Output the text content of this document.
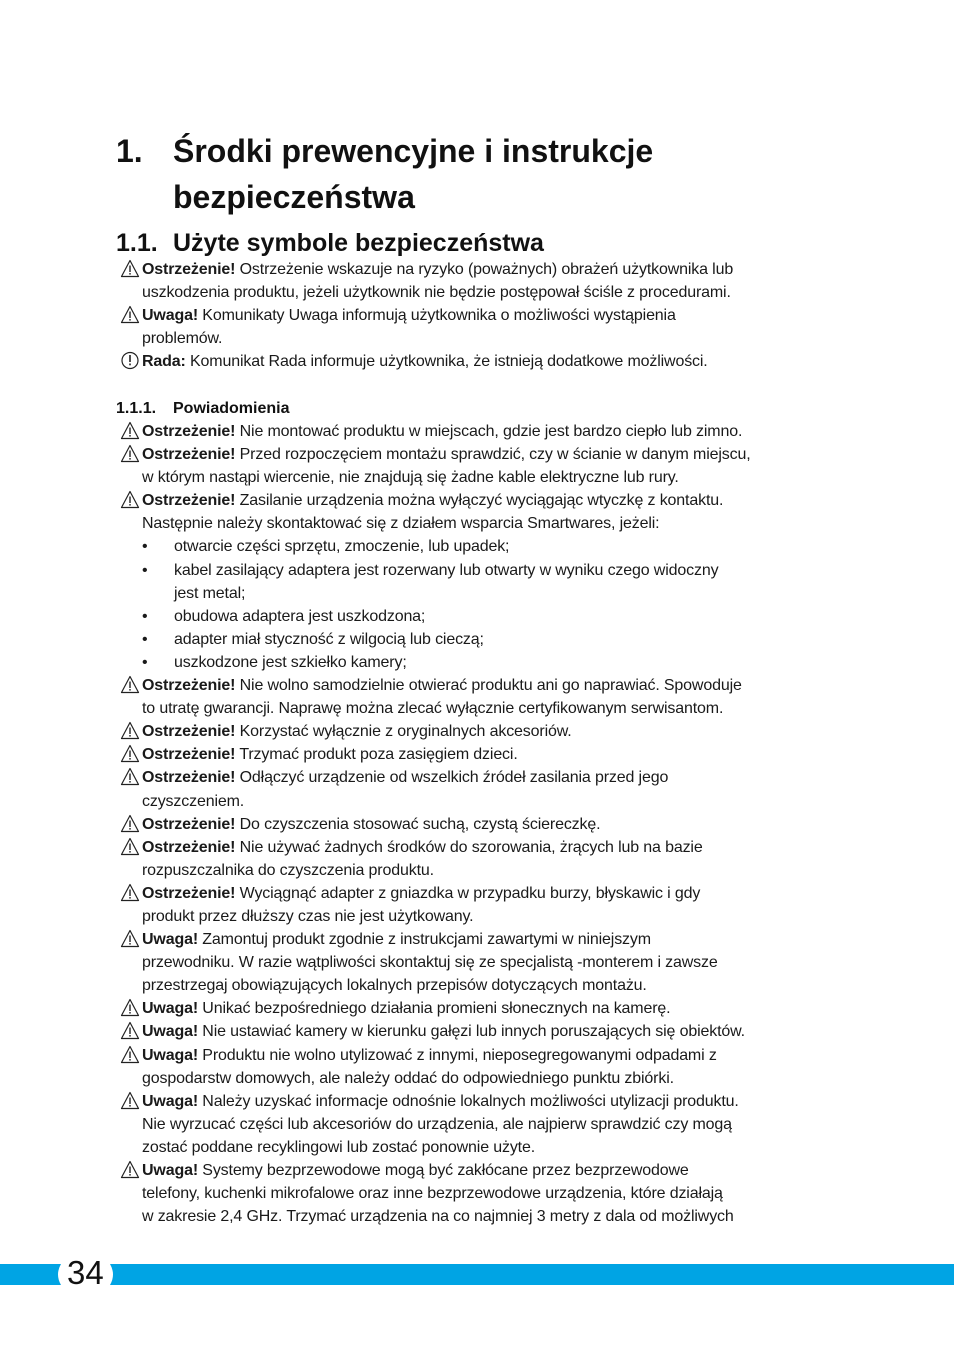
1. Środki prewencyjne i instrukcje bezpieczeństwa
1.1. Użyte symbole bezpieczeństwa
Ostrzeżenie! Ostrzeżenie wskazuje na ryzyko (poważnych) obrażeń użytkownika lub
uszkodzenia produktu, jeżeli użytkownik nie będzie postępował ściśle z procedurami.
Uwaga! Komunikaty Uwaga informują użytkownika o możliwości wystąpienia
problemów.
Rada: Komunikat Rada informuje użytkownika, że istnieją dodatkowe możliwości.
1.1.1. Powiadomienia
Ostrzeżenie! Nie montować produktu w miejscach, gdzie jest bardzo ciepło lub zimno.
Ostrzeżenie! Przed rozpoczęciem montażu sprawdzić, czy w ścianie w danym miejscu,
w którym nastąpi wiercenie, nie znajdują się żadne kable elektryczne lub rury.
Ostrzeżenie! Zasilanie urządzenia można wyłączyć wyciągając wtyczkę z kontaktu.
Następnie należy skontaktować się z działem wsparcia Smartwares, jeżeli:
• otwarcie części sprzętu, zmoczenie, lub upadek;
• kabel zasilający adaptera jest rozerwany lub otwarty w wyniku czego widoczny
jest metal;
• obudowa adaptera jest uszkodzona;
• adapter miał styczność z wilgocią lub cieczą;
• uszkodzone jest szkiełko kamery;
Ostrzeżenie! Nie wolno samodzielnie otwierać produktu ani go naprawiać. Spowoduje
to utratę gwarancji. Naprawę można zlecać wyłącznie certyfikowanym serwisantom.
Ostrzeżenie! Korzystać wyłącznie z oryginalnych akcesoriów.
Ostrzeżenie! Trzymać produkt poza zasięgiem dzieci.
Ostrzeżenie! Odłączyć urządzenie od wszelkich źródeł zasilania przed jego
czyszczeniem.
Ostrzeżenie! Do czyszczenia stosować suchą, czystą ściereczkę.
Ostrzeżenie! Nie używać żadnych środków do szorowania, żrących lub na bazie
rozpuszczalnika do czyszczenia produktu.
Ostrzeżenie! Wyciągnąć adapter z gniazdka w przypadku burzy, błyskawic i gdy
produkt przez dłuższy czas nie jest użytkowany.
Uwaga! Zamontuj produkt zgodnie z instrukcjami zawartymi w niniejszym
przewodniku. W razie wątpliwości skontaktuj się ze specjalistą -monterem i zawsze
przestrzegaj obowiązujących lokalnych przepisów dotyczących montażu.
Uwaga! Unikać bezpośredniego działania promieni słonecznych na kamerę.
Uwaga! Nie ustawiać kamery w kierunku gałęzi lub innych poruszających się obiektów.
Uwaga! Produktu nie wolno utylizować z innymi, nieposegregowanymi odpadami z
gospodarstw domowych, ale należy oddać do odpowiedniego punktu zbiórki.
Uwaga! Należy uzyskać informacje odnośnie lokalnych możliwości utylizacji produktu.
Nie wyrzucać części lub akcesoriów do urządzenia, ale najpierw sprawdzić czy mogą
zostać poddane recyklingowi lub zostać ponownie użyte.
Uwaga! Systemy bezprzewodowe mogą być zakłócane przez bezprzewodowe
telefony, kuchenki mikrofalowe oraz inne bezprzewodowe urządzenia, które działają
w zakresie 2,4 GHz. Trzymać urządzenia na co najmniej 3 metry z dala od możliwych
34
